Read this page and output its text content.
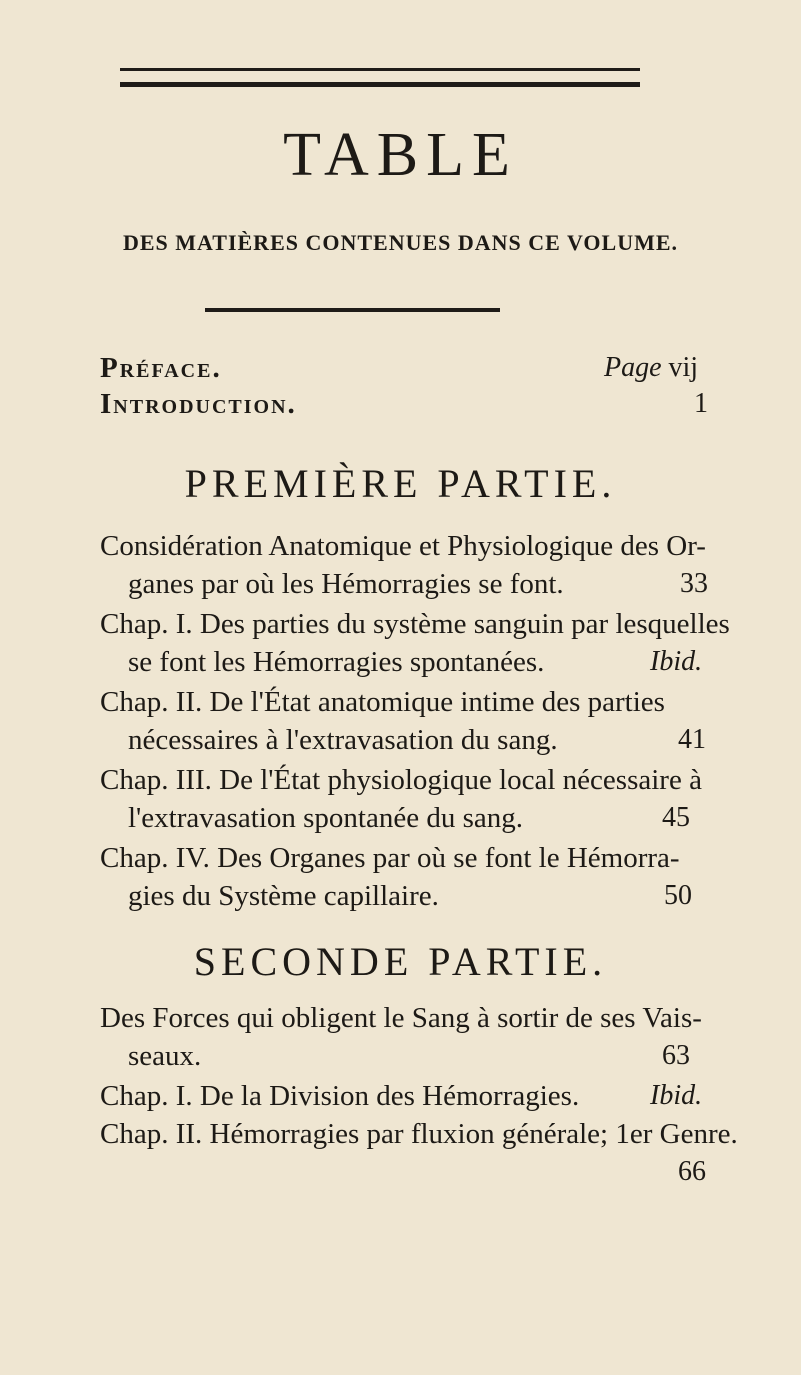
TABLE
DES MATIÈRES CONTENUES DANS CE VOLUME.
Préface.	Page vij
Introduction.	1
PREMIÈRE PARTIE.
Considération Anatomique et Physiologique des Or-
ganes par où les Hémorragies se font.	33
Chap. I. Des parties du système sanguin par lesquelles
se font les Hémorragies spontanées.	Ibid.
Chap. II. De l'État anatomique intime des parties
nécessaires à l'extravasation du sang.	41
Chap. III. De l'État physiologique local nécessaire à
l'extravasation spontanée du sang.	45
Chap. IV. Des Organes par où se font le Hémorra-
gies du Système capillaire.	50
SECONDE PARTIE.
Des Forces qui obligent le Sang à sortir de ses Vais-
seaux.	63
Chap. I. De la Division des Hémorragies.	Ibid.
Chap. II. Hémorragies par fluxion générale; 1er Genre.
66
